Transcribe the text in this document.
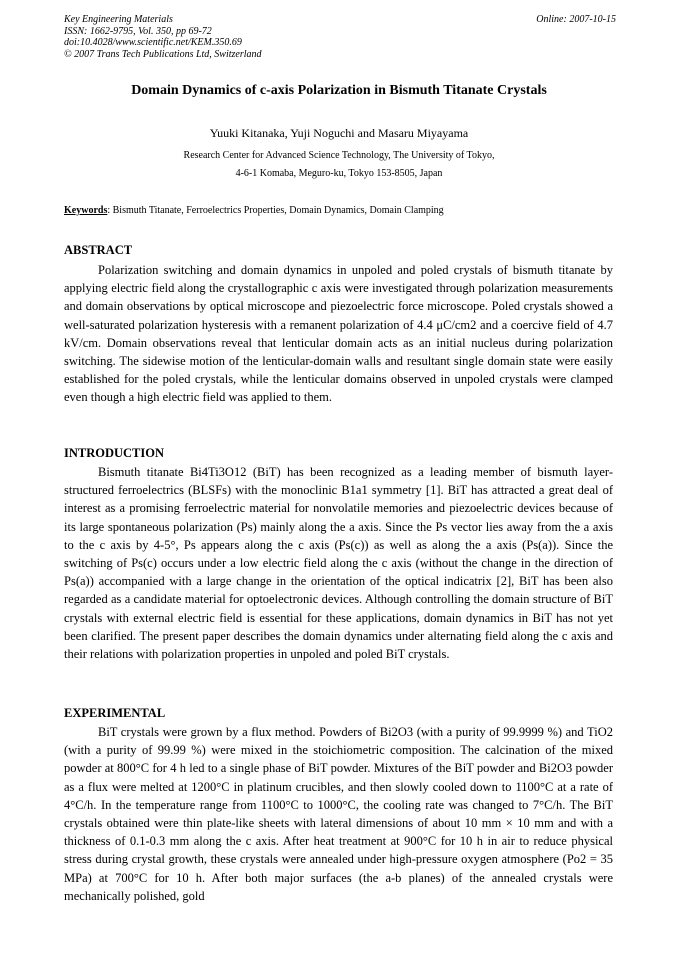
Key Engineering Materials
ISSN: 1662-9795, Vol. 350, pp 69-72
doi:10.4028/www.scientific.net/KEM.350.69
© 2007 Trans Tech Publications Ltd, Switzerland
Online: 2007-10-15
Domain Dynamics of c-axis Polarization in Bismuth Titanate Crystals
Yuuki Kitanaka, Yuji Noguchi and Masaru Miyayama
Research Center for Advanced Science Technology, The University of Tokyo,
4-6-1 Komaba, Meguro-ku, Tokyo 153-8505, Japan
Keywords: Bismuth Titanate, Ferroelectrics Properties, Domain Dynamics, Domain Clamping
ABSTRACT
Polarization switching and domain dynamics in unpoled and poled crystals of bismuth titanate by applying electric field along the crystallographic c axis were investigated through polarization measurements and domain observations by optical microscope and piezoelectric force microscope. Poled crystals showed a well-saturated polarization hysteresis with a remanent polarization of 4.4 μC/cm2 and a coercive field of 4.7 kV/cm. Domain observations reveal that lenticular domain acts as an initial nucleus during polarization switching. The sidewise motion of the lenticular-domain walls and resultant single domain state were easily established for the poled crystals, while the lenticular domains observed in unpoled crystals were clamped even though a high electric field was applied to them.
INTRODUCTION
Bismuth titanate Bi4Ti3O12 (BiT) has been recognized as a leading member of bismuth layer-structured ferroelectrics (BLSFs) with the monoclinic B1a1 symmetry [1]. BiT has attracted a great deal of interest as a promising ferroelectric material for nonvolatile memories and piezoelectric devices because of its large spontaneous polarization (Ps) mainly along the a axis. Since the Ps vector lies away from the a axis to the c axis by 4-5°, Ps appears along the c axis (Ps(c)) as well as along the a axis (Ps(a)). Since the switching of Ps(c) occurs under a low electric field along the c axis (without the change in the direction of Ps(a)) accompanied with a large change in the orientation of the optical indicatrix [2], BiT has been also regarded as a candidate material for optoelectronic devices. Although controlling the domain structure of BiT crystals with external electric field is essential for these applications, domain dynamics in BiT has not yet been clarified. The present paper describes the domain dynamics under alternating field along the c axis and their relations with polarization properties in unpoled and poled BiT crystals.
EXPERIMENTAL
BiT crystals were grown by a flux method. Powders of Bi2O3 (with a purity of 99.9999 %) and TiO2 (with a purity of 99.99 %) were mixed in the stoichiometric composition. The calcination of the mixed powder at 800°C for 4 h led to a single phase of BiT powder. Mixtures of the BiT powder and Bi2O3 powder as a flux were melted at 1200°C in platinum crucibles, and then slowly cooled down to 1100°C at a rate of 4°C/h. In the temperature range from 1100°C to 1000°C, the cooling rate was changed to 7°C/h. The BiT crystals obtained were thin plate-like sheets with lateral dimensions of about 10 mm × 10 mm and with a thickness of 0.1-0.3 mm along the c axis. After heat treatment at 900°C for 10 h in air to reduce physical stress during crystal growth, these crystals were annealed under high-pressure oxygen atmosphere (Po2 = 35 MPa) at 700°C for 10 h. After both major surfaces (the a-b planes) of the annealed crystals were mechanically polished, gold
